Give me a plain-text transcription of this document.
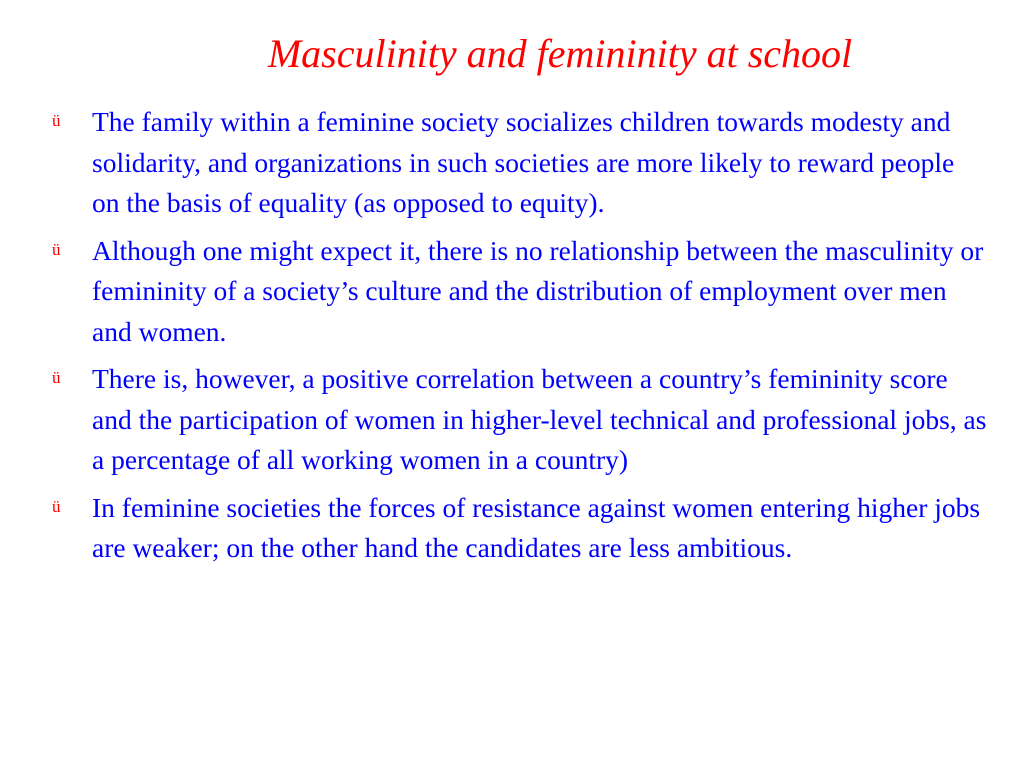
Masculinity and femininity at school
ü The family within a feminine society socializes children towards modesty and solidarity, and organizations in such societies are more likely to reward people on the basis of equality (as opposed to equity).
ü Although one might expect it, there is no relationship between the masculinity or femininity of a society’s culture and the distribution of employment over men and women.
ü There is, however, a positive correlation between a country’s femininity score and the participation of women in higher-level technical and professional jobs, as a percentage of all working women in a country)
ü In feminine societies the forces of resistance against women entering higher jobs are weaker; on the other hand the candidates are less ambitious.
